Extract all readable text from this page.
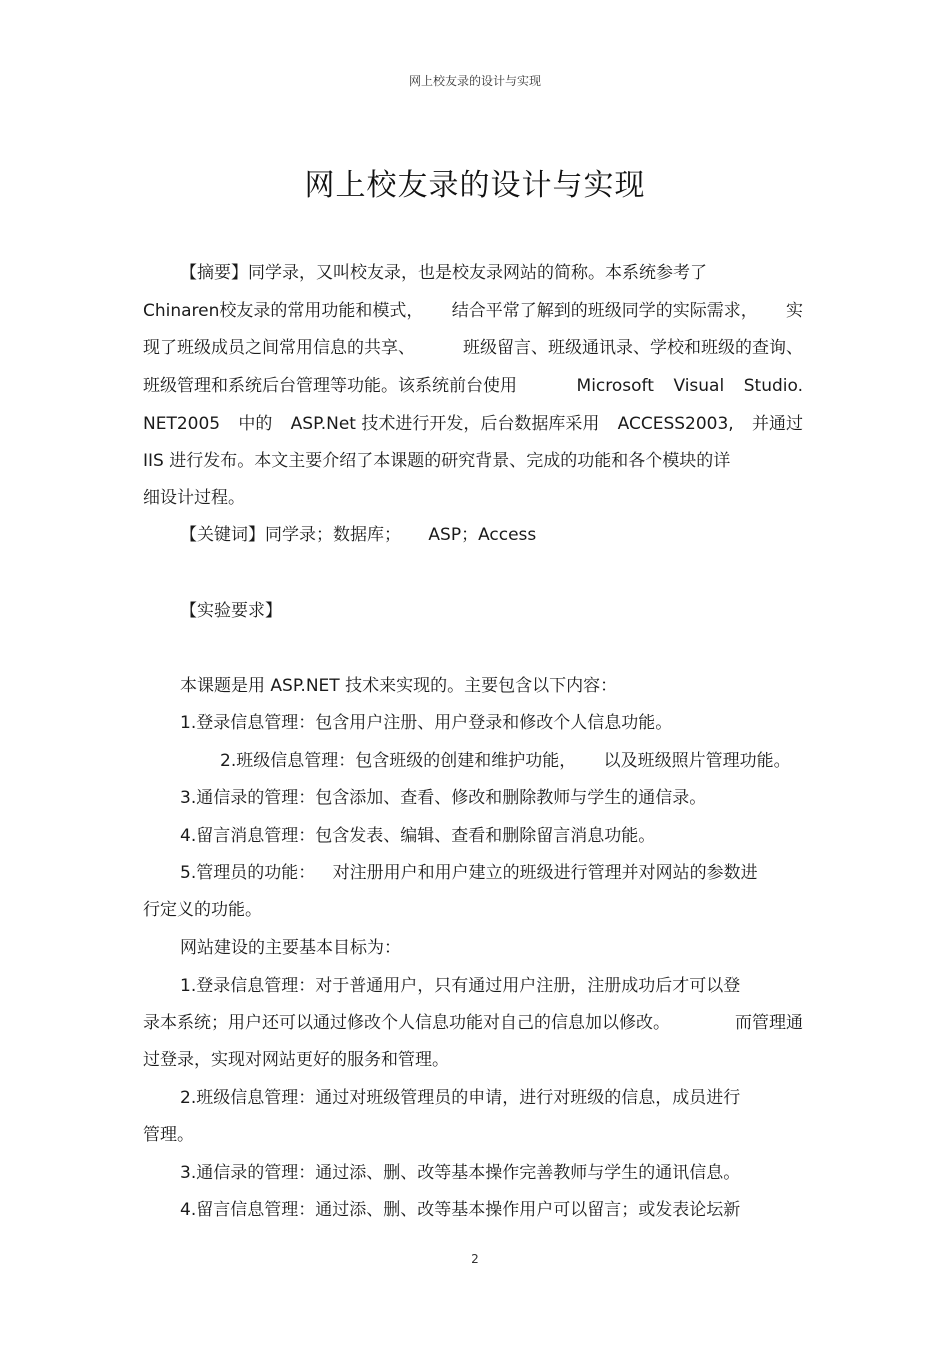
网上校友录的设计与实现
网上校友录的设计与实现
【摘要】同学录，又叫校友录，也是校友录网站的简称。本系统参考了
Chinaren校友录的常用功能和模式， 结合平常了解到的班级同学的实际需求， 实
现了班级成员之间常用信息的共享、	班级留言、班级通讯录、学校和班级的查询、
班级管理和系统后台管理等功能。该系统前台使用	Microsoft Visual Studio.
NET2005 中的 ASP.Net 技术进行开发，后台数据库采用 ACCESS2003, 并通过
IIS 进行发布。本文主要介绍了本课题的研究背景、完成的功能和各个模块的详
细设计过程。
【关键词】同学录；数据库； ASP；Access
【实验要求】
本课题是用 ASP.NET 技术来实现的。主要包含以下内容：
1.登录信息管理：包含用户注册、用户登录和修改个人信息功能。
2.班级信息管理：包含班级的创建和维护功能， 以及班级照片管理功能。
3.通信录的管理：包含添加、查看、修改和删除教师与学生的通信录。
4.留言消息管理：包含发表、编辑、查看和删除留言消息功能。
5.管理员的功能： 对注册用户和用户建立的班级进行管理并对网站的参数进
行定义的功能。
网站建设的主要基本目标为：
1.登录信息管理：对于普通用户，只有通过用户注册，注册成功后才可以登
录本系统；用户还可以通过修改个人信息功能对自己的信息加以修改。	而管理通
过登录，实现对网站更好的服务和管理。
2.班级信息管理：通过对班级管理员的申请，进行对班级的信息，成员进行
管理。
3.通信录的管理：通过添、删、改等基本操作完善教师与学生的通讯信息。
4.留言信息管理：通过添、删、改等基本操作用户可以留言；或发表论坛新
2
